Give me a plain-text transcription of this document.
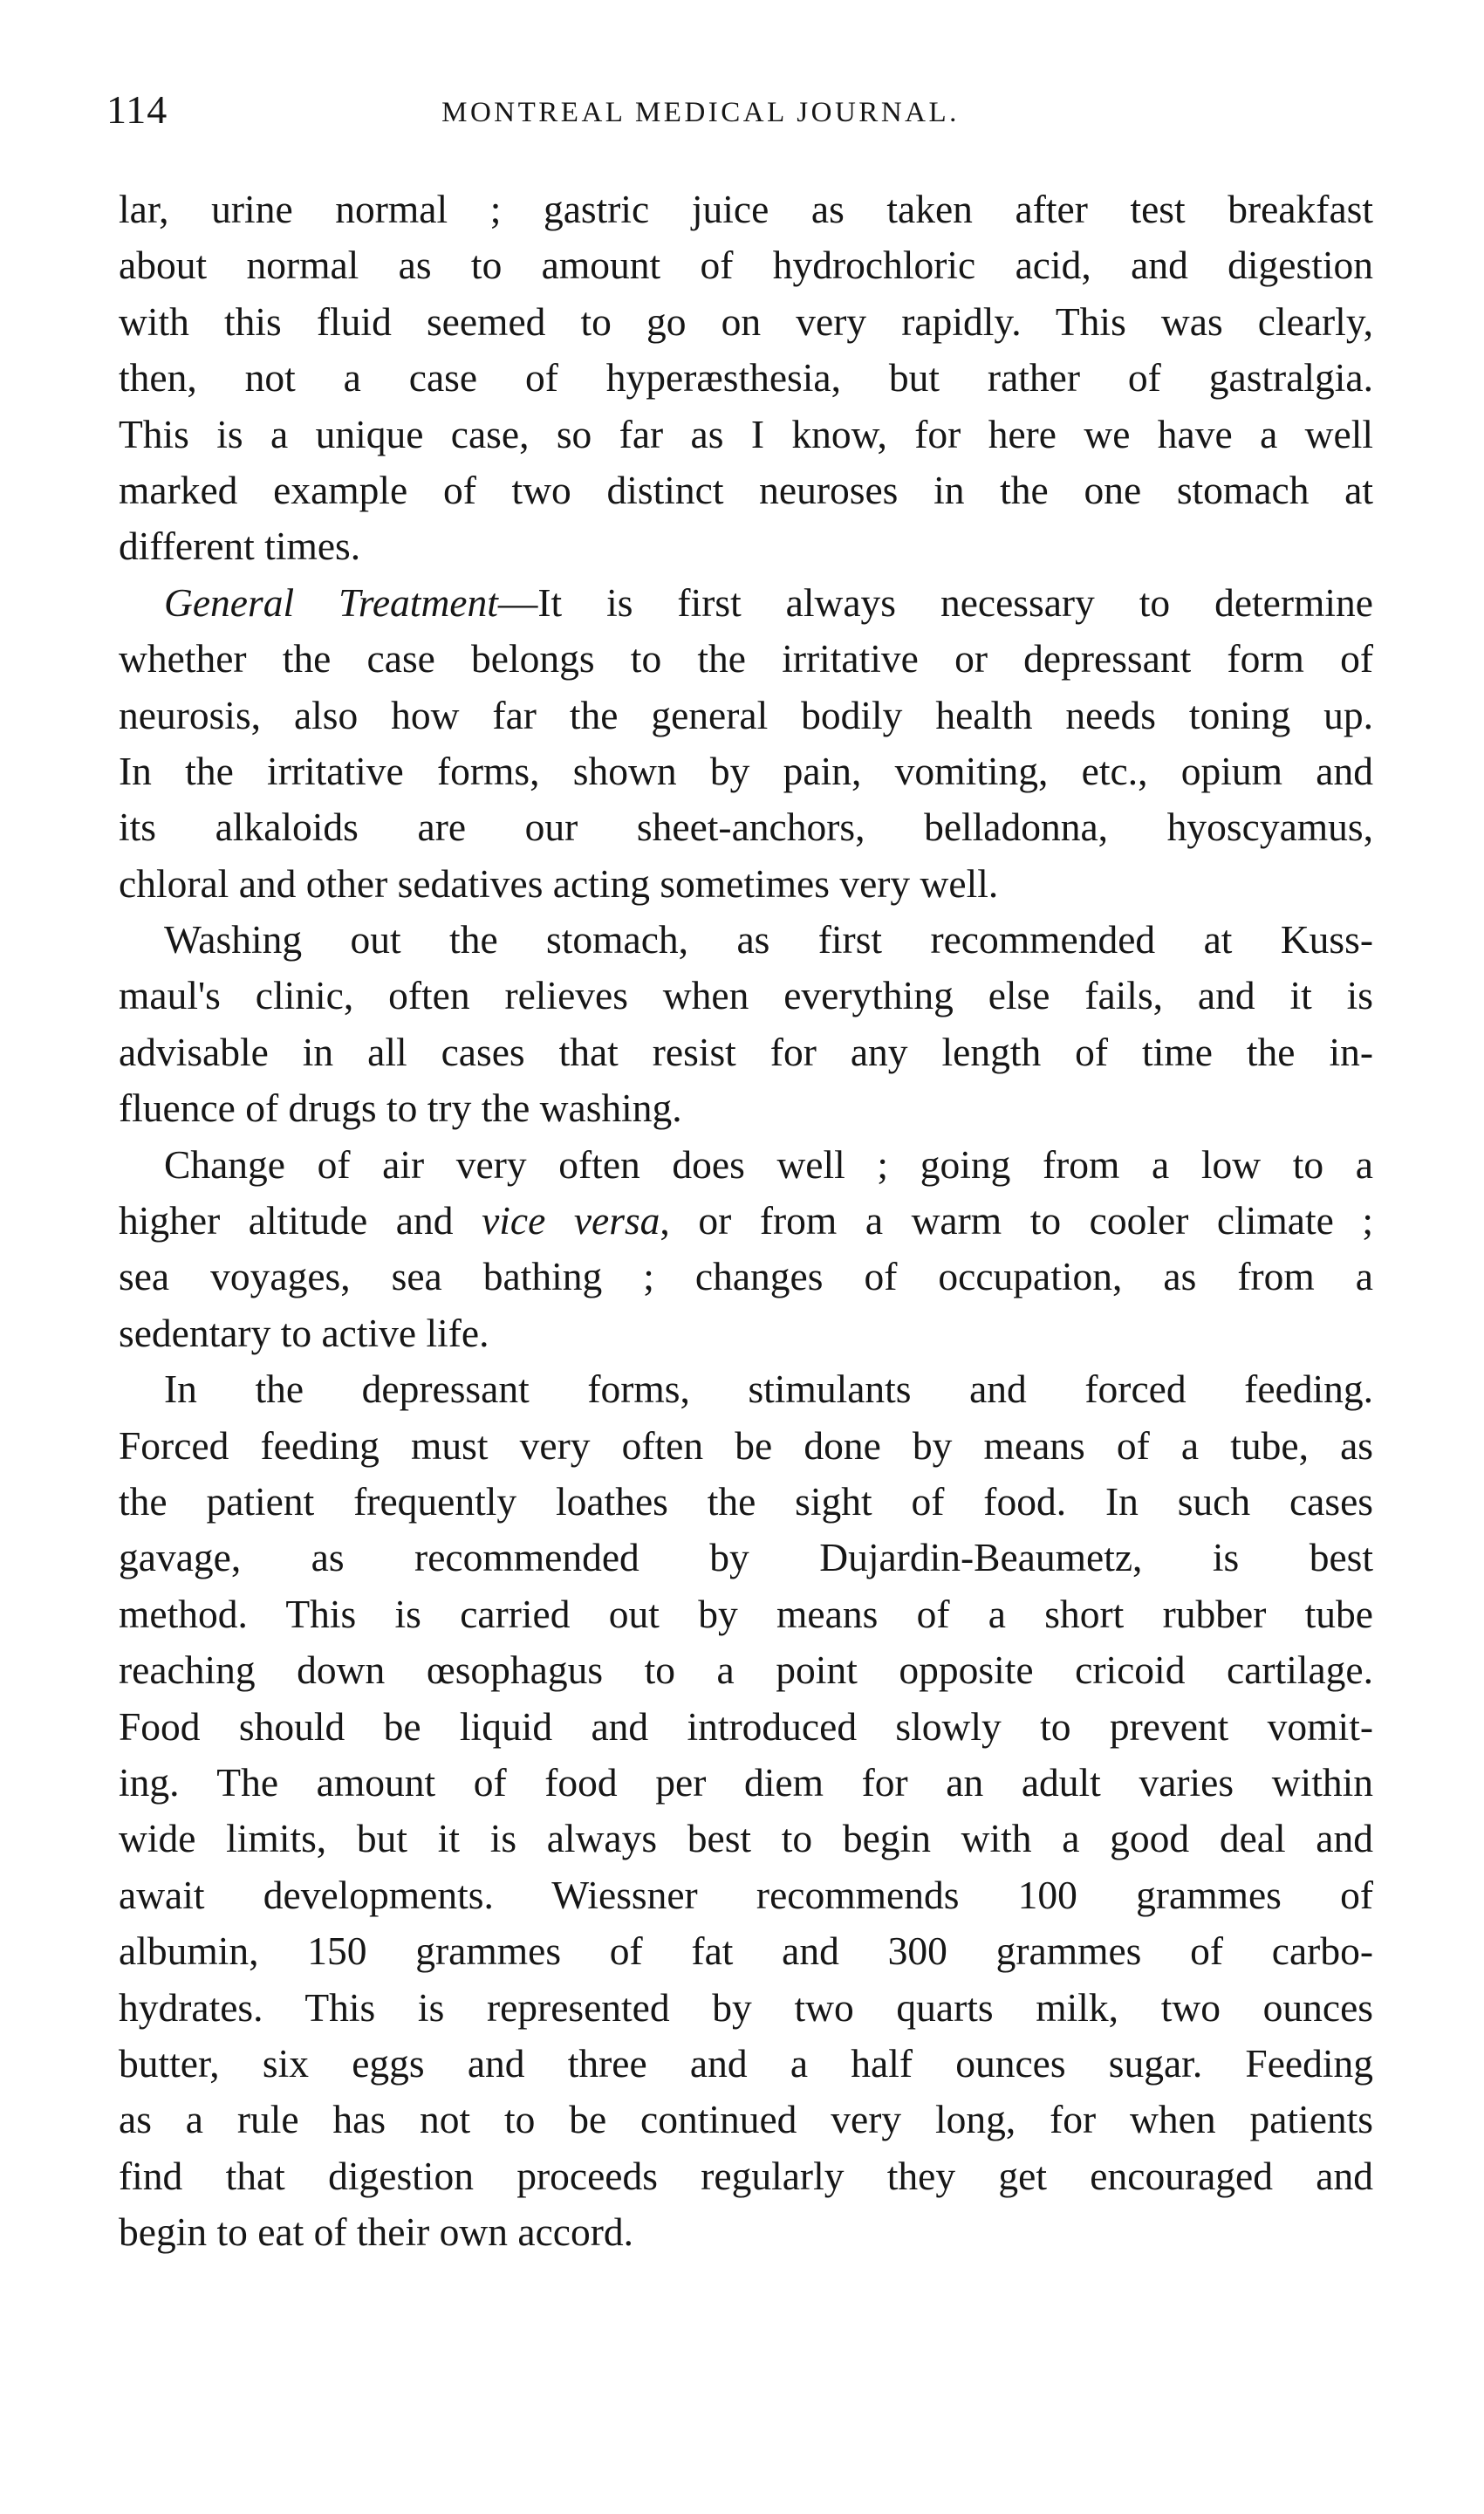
114	MONTREAL MEDICAL JOURNAL.
lar, urine normal ; gastric juice as taken after test breakfast
about normal as to amount of hydrochloric acid, and digestion
with this fluid seemed to go on very rapidly. This was clearly,
then, not a case of hyperæsthesia, but rather of gastralgia.
This is a unique case, so far as I know, for here we have a well
marked example of two distinct neuroses in the one stomach at
different times.
General Treatment—It is first always necessary to determine
whether the case belongs to the irritative or depressant form of
neurosis, also how far the general bodily health needs toning up.
In the irritative forms, shown by pain, vomiting, etc., opium and
its alkaloids are our sheet-anchors, belladonna, hyoscyamus,
chloral and other sedatives acting sometimes very well.
Washing out the stomach, as first recommended at Kuss-
maul's clinic, often relieves when everything else fails, and it is
advisable in all cases that resist for any length of time the in-
fluence of drugs to try the washing.
Change of air very often does well ; going from a low to a
higher altitude and vice versa, or from a warm to cooler climate ;
sea voyages, sea bathing ; changes of occupation, as from a
sedentary to active life.
In the depressant forms, stimulants and forced feeding.
Forced feeding must very often be done by means of a tube, as
the patient frequently loathes the sight of food. In such cases
gavage, as recommended by Dujardin-Beaumetz, is best
method. This is carried out by means of a short rubber tube
reaching down œsophagus to a point opposite cricoid cartilage.
Food should be liquid and introduced slowly to prevent vomit-
ing. The amount of food per diem for an adult varies within
wide limits, but it is always best to begin with a good deal and
await developments. Wiessner recommends 100 grammes of
albumin, 150 grammes of fat and 300 grammes of carbo-
hydrates. This is represented by two quarts milk, two ounces
butter, six eggs and three and a half ounces sugar. Feeding
as a rule has not to be continued very long, for when patients
find that digestion proceeds regularly they get encouraged and
begin to eat of their own accord.
